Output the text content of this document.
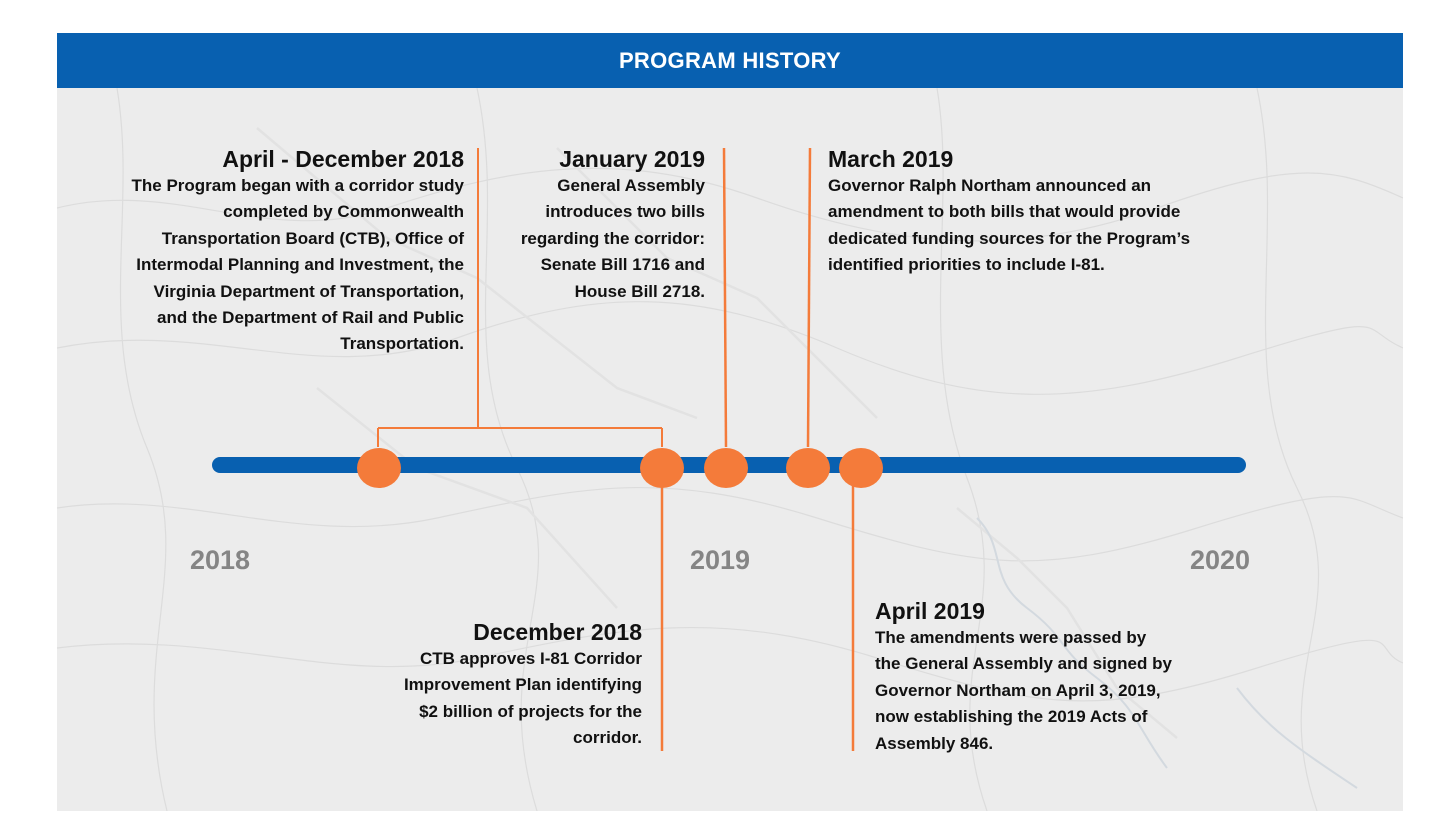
PROGRAM HISTORY
2018	2019	2020
April - December 2018
The Program began with a corridor study completed by Commonwealth Transportation Board (CTB), Office of Intermodal Planning and Investment, the Virginia Department of Transportation, and the Department of Rail and Public Transportation.
January 2019
General Assembly introduces two bills regarding the corridor: Senate Bill 1716 and House Bill 2718.
March 2019
Governor Ralph Northam announced an amendment to both bills that would provide dedicated funding sources for the Program’s identified priorities to include I-81.
December 2018
CTB approves I-81 Corridor Improvement Plan identifying $2 billion of projects for the corridor.
April 2019
The amendments were passed by the General Assembly and signed by Governor Northam on April 3, 2019, now establishing the 2019 Acts of Assembly 846.
